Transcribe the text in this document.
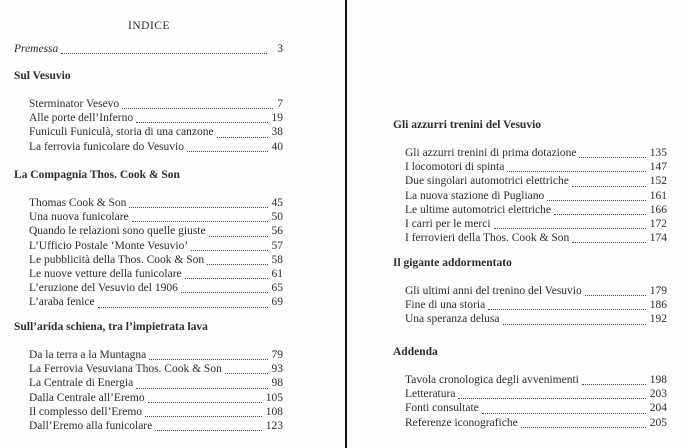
INDICE
Premessa	3
Sul Vesuvio
Sterminator Vesevo	7
Alle porte dell’Inferno	19
Funiculi Funiculà, storia di una canzone	38
La ferrovia funicolare do Vesuvio	40
La Compagnia Thos. Cook & Son
Thomas Cook & Son	45
Una nuova funicolare	50
Quando le relazioni sono quelle giuste	56
L’Ufficio Postale ‘Monte Vesuvio’	57
Le pubblicità della Thos. Cook & Son	58
Le nuove vetture della funicolare	61
L’eruzione del Vesuvio del 1906	65
L’araba fenice	69
Sull’arida schiena, tra l’impietrata lava
Da la terra a la Muntagna	79
La Ferrovia Vesuviana Thos. Cook & Son	93
La Centrale di Energia	98
Dalla Centrale all’Eremo	105
Il complesso dell’Eremo	108
Dall’Eremo alla funicolare	123
Gli azzurri trenini del Vesuvio
Gli azzurri trenini di prima dotazione	135
I locomotori di spinta	147
Due singolari automotrici elettriche	152
La nuova stazione di Pugliano	161
Le ultime automotrici elettriche	166
I carri per le merci	172
I ferrovieri della Thos. Cook & Son	174
Il gigante addormentato
Gli ultimi anni del trenino del Vesuvio	179
Fine di una storia	186
Una speranza delusa	192
Addenda
Tavola cronologica degli avvenimenti	198
Letteratura	203
Fonti consultate	204
Referenze iconografiche	205
